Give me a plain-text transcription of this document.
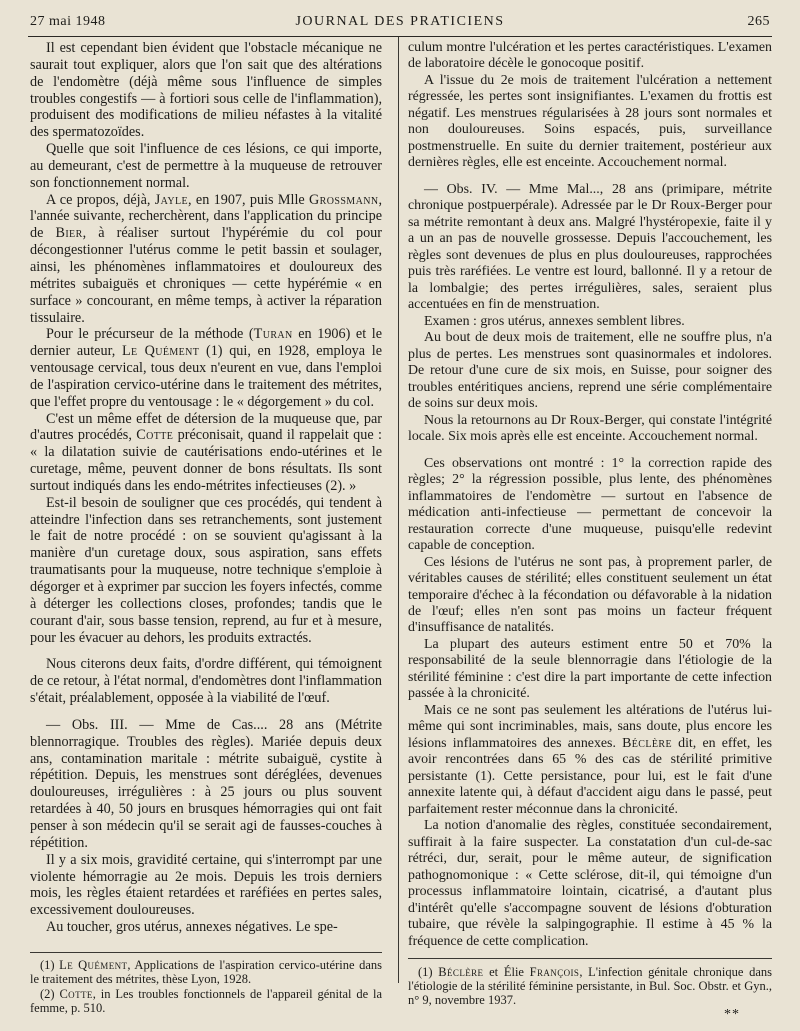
27 mai 1948	JOURNAL DES PRATICIENS	265

Il est cependant bien évident que l'obstacle mécanique ne saurait tout expliquer, alors que l'on sait que des altérations de l'endomètre (déjà même sous l'influence de simples troubles congestifs — à fortiori sous celle de l'inflammation), produisent des modifications de milieu néfastes à la vitalité des spermatozoïdes.

Quelle que soit l'influence de ces lésions, ce qui importe, au demeurant, c'est de permettre à la muqueuse de retrouver son fonctionnement normal.

A ce propos, déjà, Jayle, en 1907, puis Mlle Grossmann, l'année suivante, recherchèrent, dans l'application du principe de Bier, à réaliser surtout l'hypérémie du col pour décongestionner l'utérus comme le petit bassin et soulager, ainsi, les phénomènes inflammatoires et douloureux des métrites subaiguës et chroniques — cette hypérémie « en surface » concourant, en même temps, à activer la réparation tissulaire.

Pour le précurseur de la méthode (Turan en 1906) et le dernier auteur, Le Quément (1) qui, en 1928, employa le ventousage cervical, tous deux n'eurent en vue, dans l'emploi de l'aspiration cervico-utérine dans le traitement des métrites, que l'effet propre du ventousage : le « dégorgement » du col.

C'est un même effet de détersion de la muqueuse que, par d'autres procédés, Cotte préconisait, quand il rappelait que : « la dilatation suivie de cautérisations endo-utérines et le curetage, même, peuvent donner de bons résultats. Ils sont surtout indiqués dans les endo-métrites infectieuses (2). »

Est-il besoin de souligner que ces procédés, qui tendent à atteindre l'infection dans ses retranchements, sont justement le fait de notre procédé : on se souvient qu'agissant à la manière d'un curetage doux, sous aspiration, sans effets traumatisants pour la muqueuse, notre technique s'emploie à dégorger et à exprimer par succion les foyers infectés, comme à déterger les collections closes, profondes; tandis que le courant d'air, sous basse tension, reprend, au fur et à mesure, pour les évacuer au dehors, les produits extractés.

Nous citerons deux faits, d'ordre différent, qui témoignent de ce retour, à l'état normal, d'endomètres dont l'inflammation s'était, préalablement, opposée à la viabilité de l'œuf.

— Obs. III. — Mme de Cas.... 28 ans (Métrite blennorragique. Troubles des règles). Mariée depuis deux ans, contamination maritale : métrite subaiguë, cystite à répétition. Depuis, les menstrues sont déréglées, devenues douloureuses, irrégulières : à 25 jours ou plus souvent retardées à 40, 50 jours en brusques hémorragies qui ont fait penser à son médecin qu'il se serait agi de fausses-couches à répétition.

Il y a six mois, gravidité certaine, qui s'interrompt par une violente hémorragie au 2e mois. Depuis les trois derniers mois, les règles étaient retardées et raréfiées en pertes sales, excessivement douloureuses.

Au toucher, gros utérus, annexes négatives. Le spe-

culum montre l'ulcération et les pertes caractéristiques. L'examen de laboratoire décèle le gonocoque positif.

A l'issue du 2e mois de traitement l'ulcération a nettement régressée, les pertes sont insignifiantes. L'examen du frottis est négatif. Les menstrues régularisées à 28 jours sont normales et non douloureuses. Soins espacés, puis, surveillance postmenstruelle. En suite du dernier traitement, postérieur aux dernières règles, elle est enceinte. Accouchement normal.

— Obs. IV. — Mme Mal..., 28 ans (primipare, métrite chronique postpuerpérale). Adressée par le Dr Roux-Berger pour sa métrite remontant à deux ans. Malgré l'hystéropexie, faite il y a un an pas de nouvelle grossesse. Depuis l'accouchement, les règles sont devenues de plus en plus douloureuses, rapprochées puis très raréfiées. Le ventre est lourd, ballonné. Il y a retour de la lombalgie; des pertes irrégulières, sales, seraient plus accentuées en fin de menstruation.

Examen : gros utérus, annexes semblent libres.

Au bout de deux mois de traitement, elle ne souffre plus, n'a plus de pertes. Les menstrues sont quasinormales et indolores. De retour d'une cure de six mois, en Suisse, pour soigner des troubles entéritiques anciens, reprend une série complémentaire de soins sur deux mois.

Nous la retournons au Dr Roux-Berger, qui constate l'intégrité locale. Six mois après elle est enceinte. Accouchement normal.

Ces observations ont montré : 1° la correction rapide des règles; 2° la régression possible, plus lente, des phénomènes inflammatoires de l'endomètre — surtout en l'absence de médication anti-infectieuse — permettant de concevoir la restauration correcte d'une muqueuse, puisqu'elle redevint capable de conception.

Ces lésions de l'utérus ne sont pas, à proprement parler, de véritables causes de stérilité; elles constituent seulement un état temporaire d'échec à la fécondation ou défavorable à la nidation de l'œuf; elles n'en sont pas moins un facteur fréquent d'insuffisance de natalités.

La plupart des auteurs estiment entre 50 et 70% la responsabilité de la seule blennorragie dans l'étiologie de la stérilité féminine : c'est dire la part importante de cette infection passée à la chronicité.

Mais ce ne sont pas seulement les altérations de l'utérus lui-même qui sont incriminables, mais, sans doute, plus encore les lésions inflammatoires des annexes. Béclère dit, en effet, les avoir rencontrées dans 65 % des cas de stérilité primitive persistante (1). Cette persistance, pour lui, est le fait d'une annexite latente qui, à défaut d'accident aigu dans le passé, peut parfaitement rester méconnue dans la chronicité.

La notion d'anomalie des règles, constituée secondairement, suffirait à la faire suspecter. La constatation d'un cul-de-sac rétréci, dur, serait, pour le même auteur, de signification pathognomonique : « Cette sclérose, dit-il, qui témoigne d'un processus inflammatoire lointain, cicatrisé, a d'autant plus d'intérêt qu'elle s'accompagne souvent de lésions d'obturation tubaire, que révèle la salpingographie. Il estime à 45 % la fréquence de cette complication.

(1) Le Quément, Applications de l'aspiration cervico-utérine dans le traitement des métrites, thèse Lyon, 1928.

(2) Cotte, in Les troubles fonctionnels de l'appareil génital de la femme, p. 510.

(1) Béclère et Élie François, L'infection génitale chronique dans l'étiologie de la stérilité féminine persistante, in Bul. Soc. Obstr. et Gyn., n° 9, novembre 1937.

**
